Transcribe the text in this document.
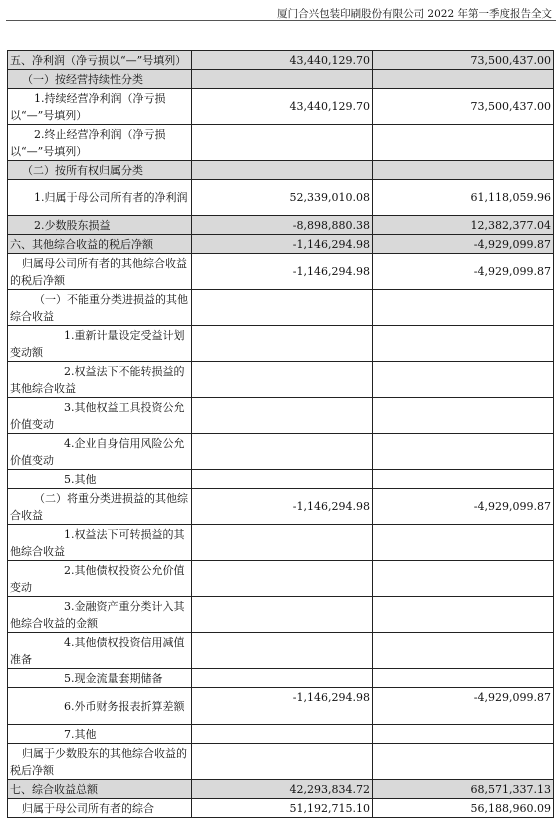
厦门合兴包装印刷股份有限公司 2022 年第一季度报告全文
五、净利润（净亏损以“—”号填列）	43,440,129.70	73,500,437.00

（一）按经营持续性分类		

1.持续经营净利润（净亏损以“—”号填列）	43,440,129.70	73,500,437.00

2.终止经营净利润（净亏损以“—”号填列）		

（二）按所有权归属分类		

1.归属于母公司所有者的净利润	52,339,010.08	61,118,059.96

2.少数股东损益	-8,898,880.38	12,382,377.04

六、其他综合收益的税后净额	-1,146,294.98	-4,929,099.87

归属母公司所有者的其他综合收益的税后净额	-1,146,294.98	-4,929,099.87

（一）不能重分类进损益的其他综合收益		

1.重新计量设定受益计划变动额		

2.权益法下不能转损益的其他综合收益		

3.其他权益工具投资公允价值变动		

4.企业自身信用风险公允价值变动		

5.其他		

（二）将重分类进损益的其他综合收益	-1,146,294.98	-4,929,099.87

1.权益法下可转损益的其他综合收益		

2.其他债权投资公允价值变动		

3.金融资产重分类计入其他综合收益的金额		

4.其他债权投资信用减值准备		

5.现金流量套期储备		

6.外币财务报表折算差额	-1,146,294.98	-4,929,099.87

7.其他		

归属于少数股东的其他综合收益的税后净额		

七、综合收益总额	42,293,834.72	68,571,337.13

归属于母公司所有者的综合	51,192,715.10	56,188,960.09
